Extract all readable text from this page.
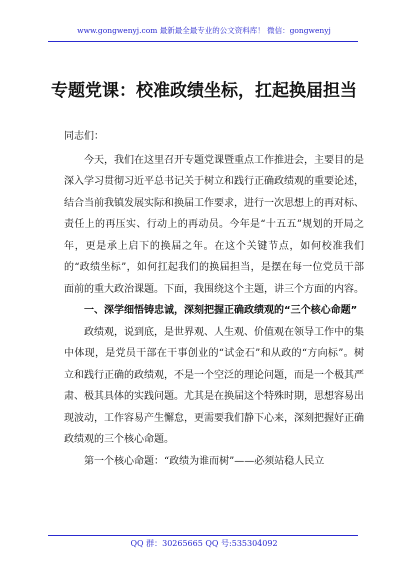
www.gongwenyj.com 最新最全最专业的公文资料库！ 微信：gongwenyj
专题党课：校准政绩坐标，扛起换届担当

同志们：

今天，我们在这里召开专题党课暨重点工作推进会，主要目的是深入学习贯彻习近平总书记关于树立和践行正确政绩观的重要论述，结合当前我镇发展实际和换届工作要求，进行一次思想上的再对标、责任上的再压实、行动上的再动员。今年是“十五五”规划的开局之年，更是承上启下的换届之年。在这个关键节点，如何校准我们的“政绩坐标”，如何扛起我们的换届担当，是摆在每一位党员干部面前的重大政治课题。下面，我围绕这个主题，讲三个方面的内容。

一、深学细悟铸忠诚，深刻把握正确政绩观的“三个核心命题”

政绩观，说到底，是世界观、人生观、价值观在领导工作中的集中体现，是党员干部在干事创业的“试金石”和从政的“方向标”。树立和践行正确的政绩观，不是一个空泛的理论问题，而是一个极其严肃、极其具体的实践问题。尤其是在换届这个特殊时期，思想容易出现波动，工作容易产生懈怠，更需要我们静下心来，深刻把握好正确政绩观的三个核心命题。

第一个核心命题：“政绩为谁而树”——必须站稳人民立

QQ 群：30265665 QQ 号:535304092
